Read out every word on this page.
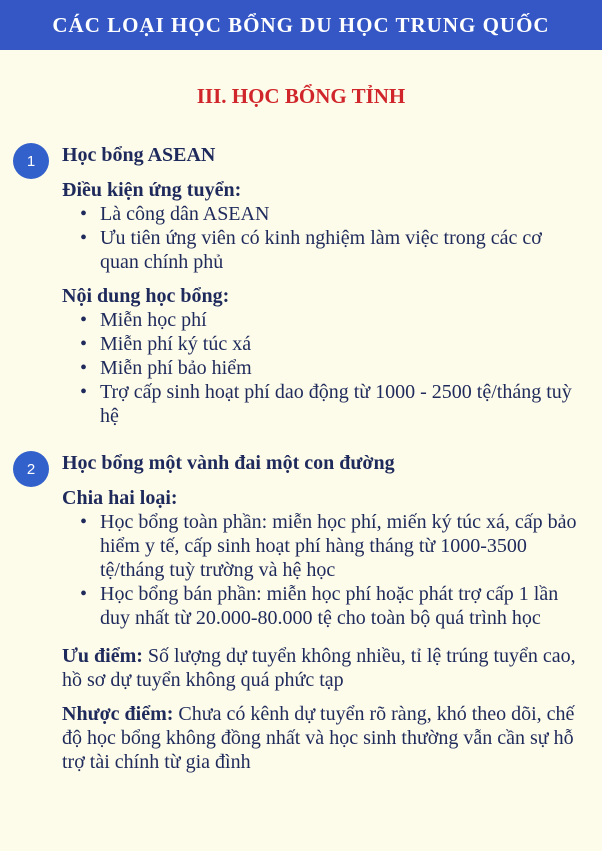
CÁC LOẠI HỌC BỔNG DU HỌC TRUNG QUỐC
III. HỌC BỔNG TỈNH
1	Học bổng ASEAN
Điều kiện ứng tuyển:
• Là công dân ASEAN
• Ưu tiên ứng viên có kinh nghiệm làm việc trong các cơ quan chính phủ
Nội dung học bổng:
• Miễn học phí
• Miễn phí ký túc xá
• Miễn phí bảo hiểm
• Trợ cấp sinh hoạt phí dao động từ 1000 - 2500 tệ/tháng tuỳ hệ
2	Học bổng một vành đai một con đường
Chia hai loại:
• Học bổng toàn phần: miễn học phí, miến ký túc xá, cấp bảo hiểm y tế, cấp sinh hoạt phí hàng tháng từ 1000-3500 tệ/tháng tuỳ trường và hệ học
• Học bổng bán phần: miễn học phí hoặc phát trợ cấp 1 lần duy nhất từ 20.000-80.000 tệ cho toàn bộ quá trình học
Ưu điểm: Số lượng dự tuyển không nhiều, tỉ lệ trúng tuyển cao, hồ sơ dự tuyển không quá phức tạp
Nhược điểm: Chưa có kênh dự tuyển rõ ràng, khó theo dõi, chế độ học bổng không đồng nhất và học sinh thường vẫn cần sự hỗ trợ tài chính từ gia đình
